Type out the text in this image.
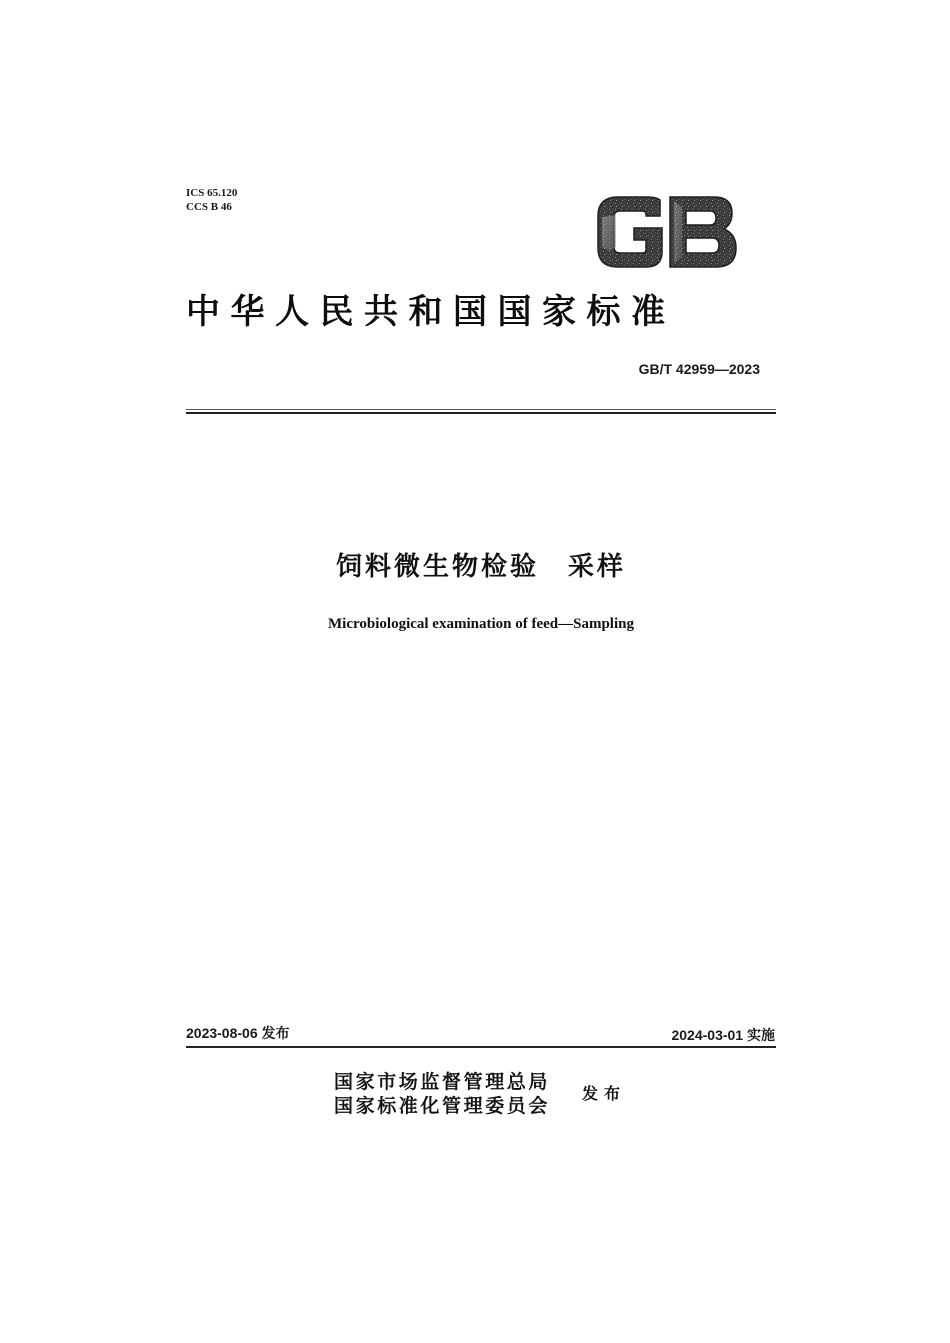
ICS 65.120
CCS B 46
中华人民共和国国家标准
GB/T 42959—2023
饲料微生物检验　采样
Microbiological examination of feed—Sampling
2023-08-06 发布	2024-03-01 实施
国家市场监督管理总局
国家标准化管理委员会
发布
